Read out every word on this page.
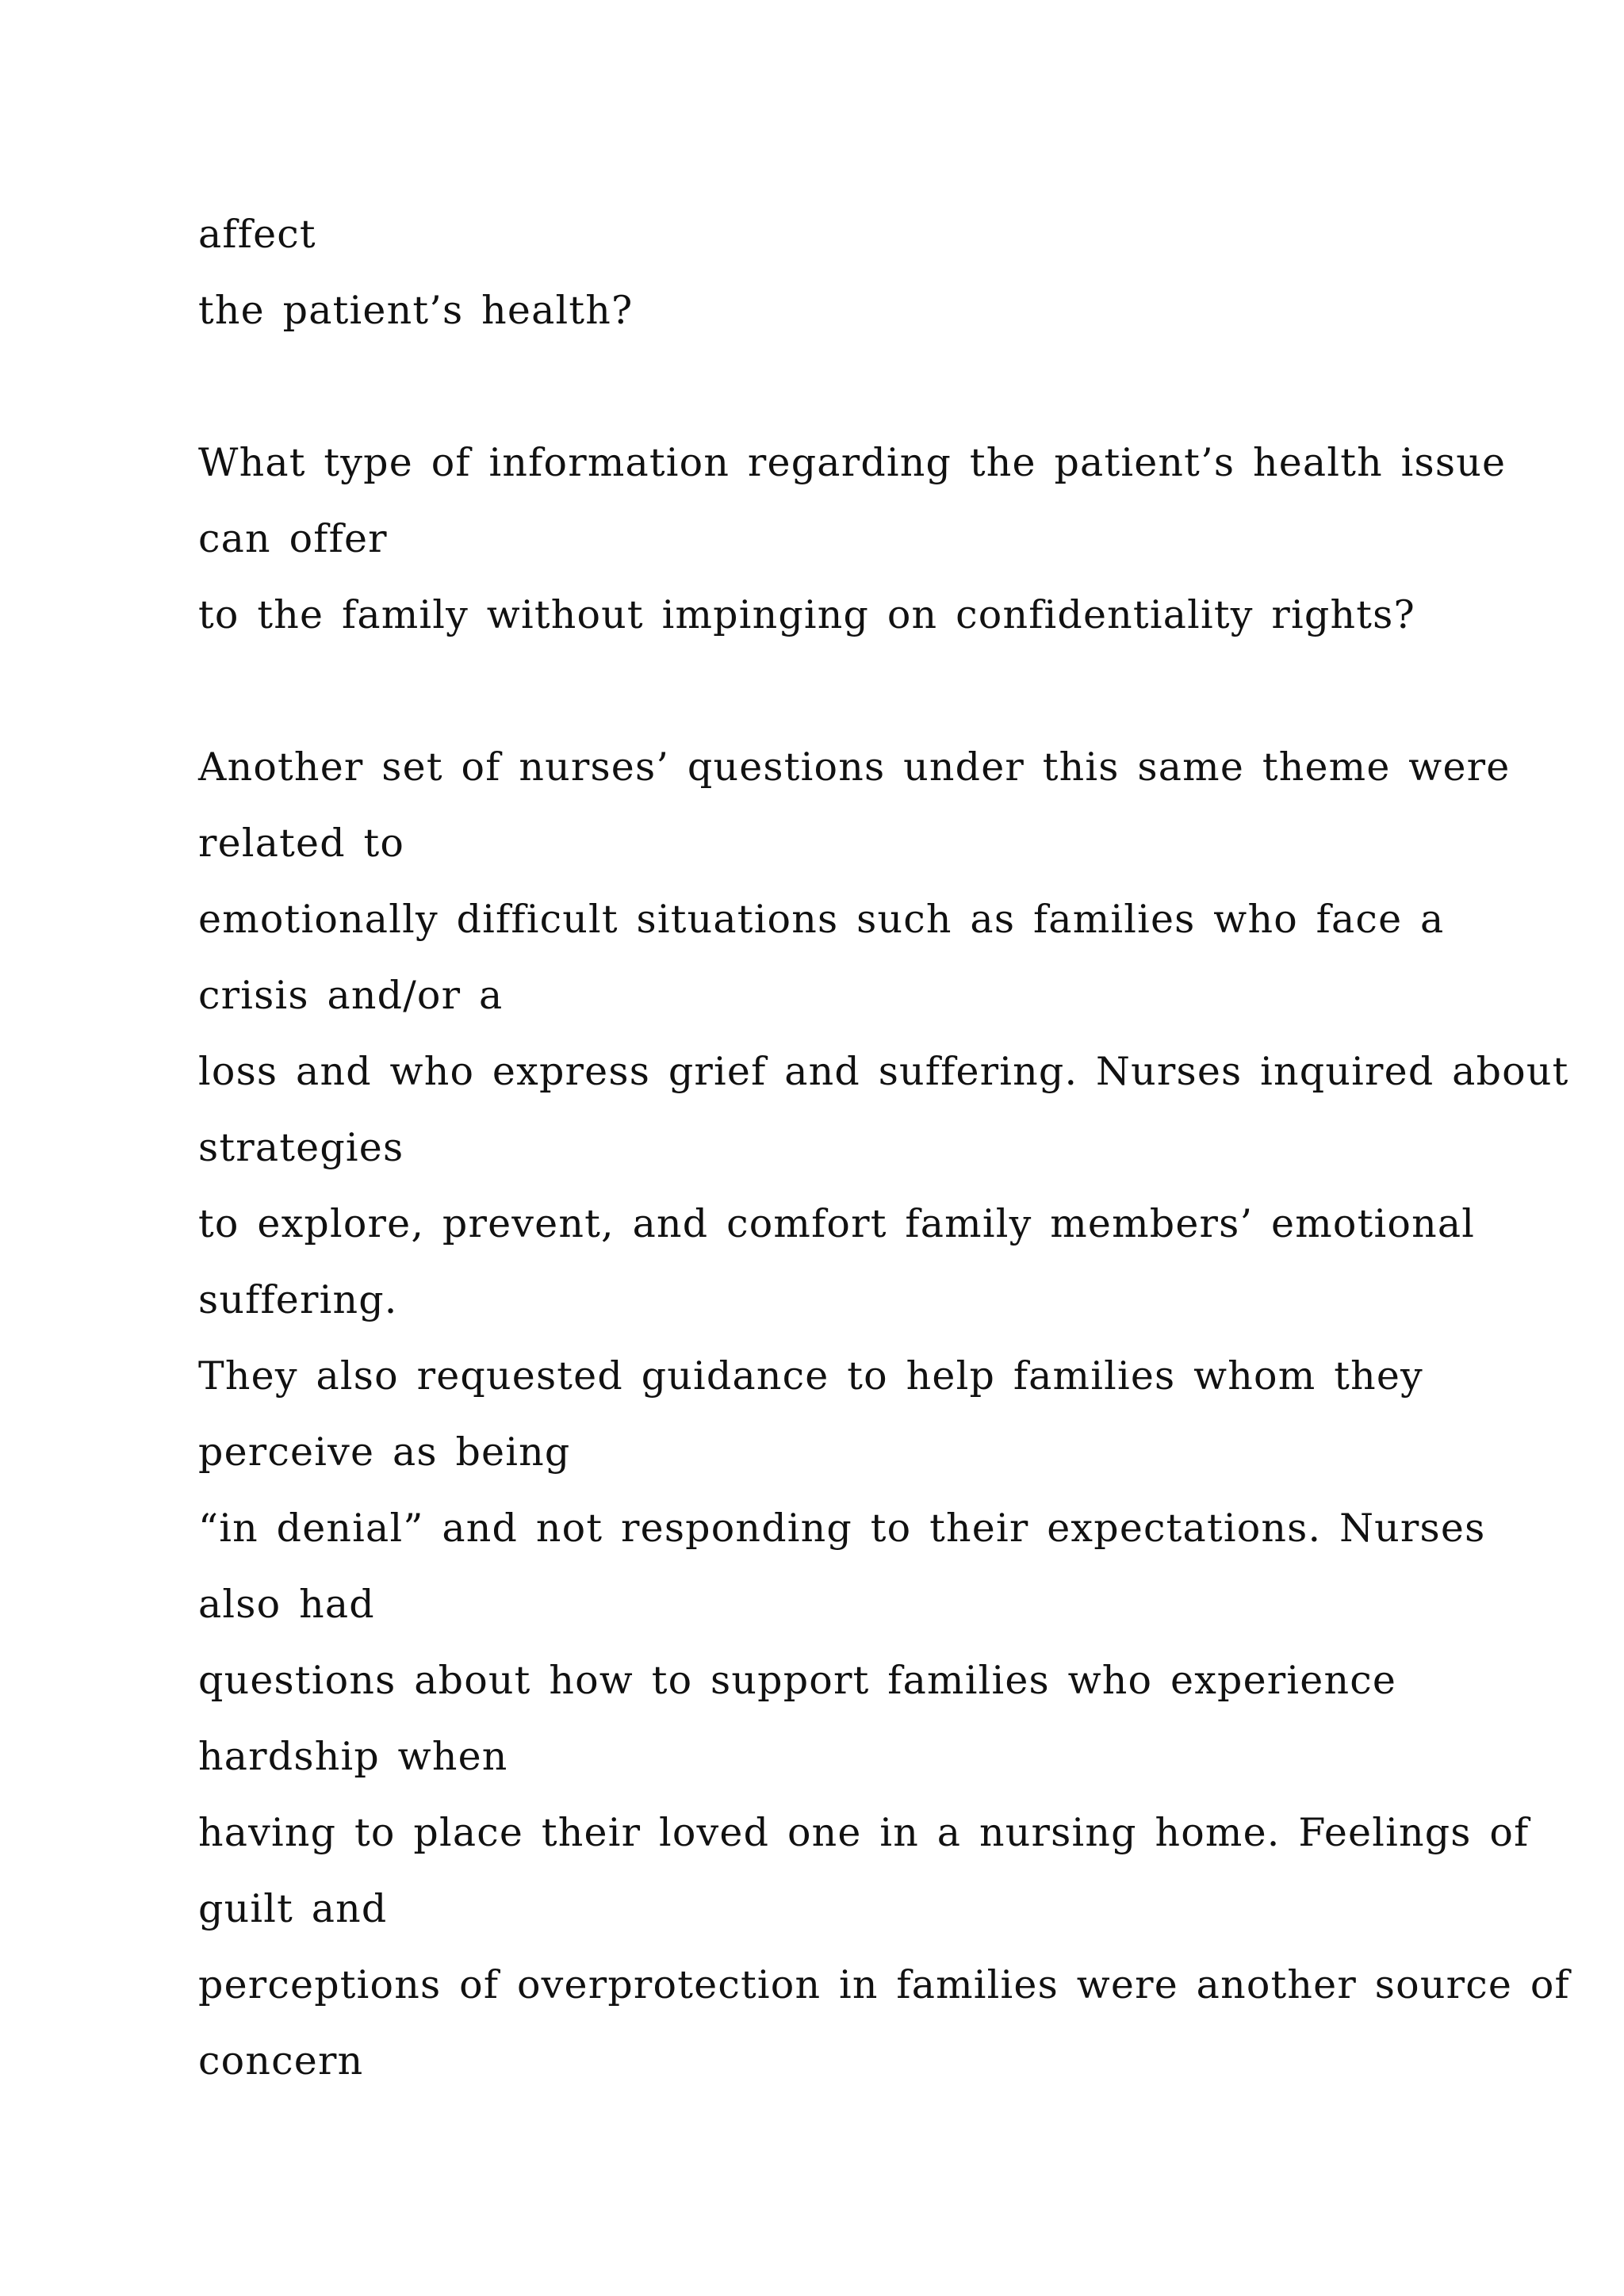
affect
the patient’s health?
What type of information regarding the patient’s health issue
can offer
to the family without impinging on confidentiality rights?
Another set of nurses’ questions under this same theme were
related to
emotionally difficult situations such as families who face a
crisis and/or a
loss and who express grief and suffering. Nurses inquired about
strategies
to explore, prevent, and comfort family members’ emotional
suffering.
They also requested guidance to help families whom they
perceive as being
“in denial” and not responding to their expectations. Nurses
also had
questions about how to support families who experience
hardship when
having to place their loved one in a nursing home. Feelings of
guilt and
perceptions of overprotection in families were another source of
concern
